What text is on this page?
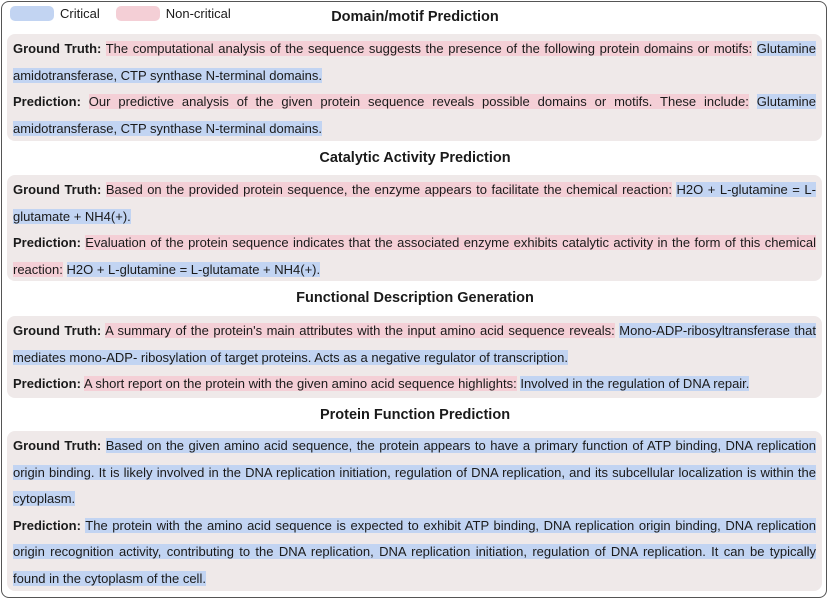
Critical	Non-critical	Domain/motif Prediction

Ground Truth: The computational analysis of the sequence suggests the presence of the following protein domains or motifs: Glutamine amidotransferase, CTP synthase N-terminal domains.

Prediction: Our predictive analysis of the given protein sequence reveals possible domains or motifs. These include: Glutamine amidotransferase, CTP synthase N-terminal domains.

Catalytic Activity Prediction

Ground Truth: Based on the provided protein sequence, the enzyme appears to facilitate the chemical reaction: H2O + L-glutamine = L-glutamate + NH4(+).

Prediction: Evaluation of the protein sequence indicates that the associated enzyme exhibits catalytic activity in the form of this chemical reaction: H2O + L-glutamine = L-glutamate + NH4(+).

Functional Description Generation

Ground Truth: A summary of the protein's main attributes with the input amino acid sequence reveals: Mono-ADP-ribosyltransferase that mediates mono-ADP- ribosylation of target proteins. Acts as a negative regulator of transcription.

Prediction: A short report on the protein with the given amino acid sequence highlights: Involved in the regulation of DNA repair.

Protein Function Prediction

Ground Truth: Based on the given amino acid sequence, the protein appears to have a primary function of ATP binding, DNA replication origin binding. It is likely involved in the DNA replication initiation, regulation of DNA replication, and its subcellular localization is within the cytoplasm.

Prediction: The protein with the amino acid sequence is expected to exhibit ATP binding, DNA replication origin binding, DNA replication origin recognition activity, contributing to the DNA replication, DNA replication initiation, regulation of DNA replication. It can be typically found in the cytoplasm of the cell.
